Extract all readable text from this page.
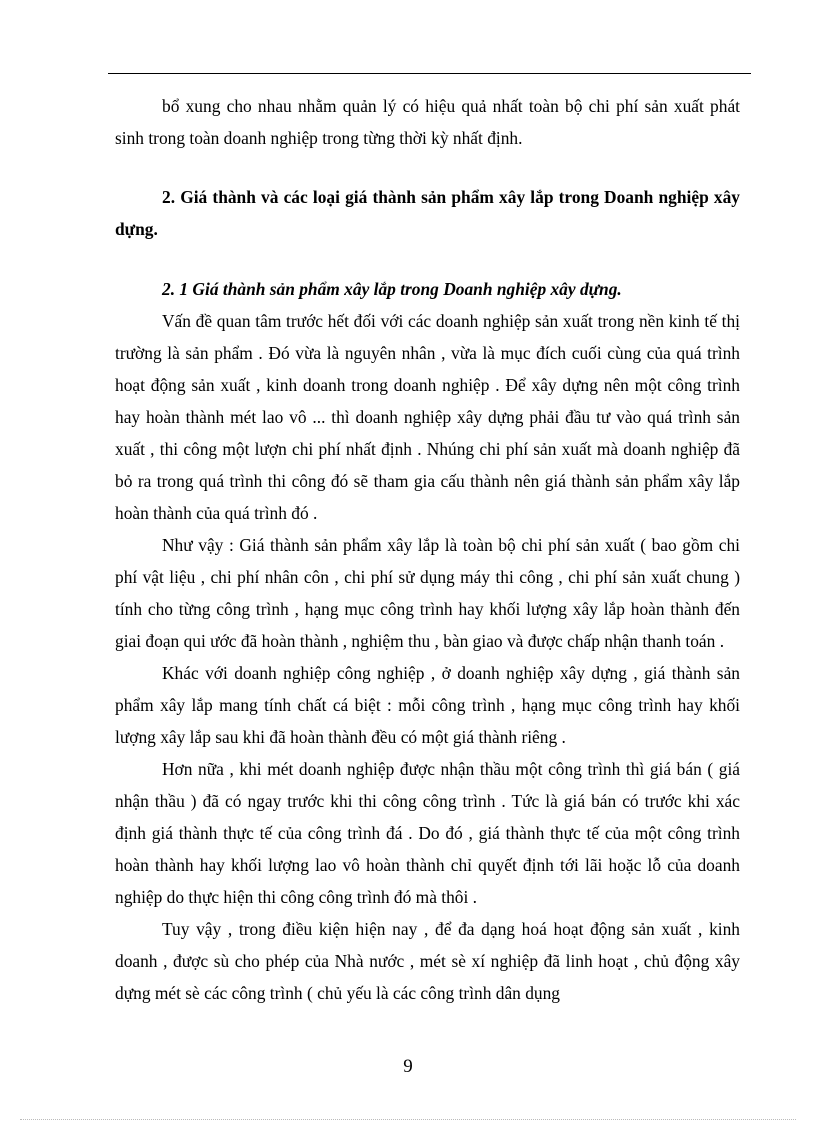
bổ xung cho nhau nhằm quản lý có hiệu quả nhất toàn bộ chi phí sản xuất phát sinh trong toàn doanh nghiệp trong từng thời kỳ nhất định.

2. Giá thành và các loại giá thành sản phẩm xây lắp trong Doanh nghiệp xây dựng.

2. 1 Giá thành sản phẩm xây lắp trong Doanh nghiệp xây dựng.

Vấn đề quan tâm trước hết đối với các doanh nghiệp sản xuất trong nền kinh tế thị trường là sản phẩm . Đó vừa là nguyên nhân , vừa là mục đích cuối cùng của quá trình hoạt động sản xuất , kinh doanh trong doanh nghiệp . Để xây dựng nên một công trình hay hoàn thành mét lao vô ... thì doanh nghiệp xây dựng phải đầu tư vào quá trình sản xuất , thi công một lượn chi phí nhất định . Nhúng chi phí sản xuất mà doanh nghiệp đã bỏ ra trong quá trình thi công đó sẽ tham gia cấu thành nên giá thành sản phẩm xây lắp hoàn thành của quá trình đó .

Như vậy : Giá thành sản phẩm xây lắp là toàn bộ chi phí sản xuất ( bao gồm chi phí vật liệu , chi phí nhân côn , chi phí sử dụng máy thi công , chi phí sản xuất chung ) tính cho từng công trình , hạng mục công trình hay khối lượng xây lắp hoàn thành đến giai đoạn qui ước đã hoàn thành , nghiệm thu , bàn giao và được chấp nhận thanh toán .

Khác với doanh nghiệp công nghiệp , ở doanh nghiệp xây dựng , giá thành sản phẩm xây lắp mang tính chất cá biệt : mỗi công trình , hạng mục công trình hay khối lượng xây lắp sau khi đã hoàn thành đều có một giá thành riêng .

Hơn nữa , khi mét doanh nghiệp được nhận thầu một công trình thì giá bán ( giá nhận thầu ) đã có ngay trước khi thi công công trình . Tức là giá bán có trước khi xác định giá thành thực tế của công trình đá . Do đó , giá thành thực tế của một công trình hoàn thành hay khối lượng lao vô hoàn thành chỉ quyết định tới lãi hoặc lỗ của doanh nghiệp do thực hiện thi công công trình đó mà thôi .

Tuy vậy , trong điều kiện hiện nay , để đa dạng hoá hoạt động sản xuất , kinh doanh , được sù cho phép của Nhà nước , mét sè xí nghiệp đã linh hoạt , chủ động xây dựng mét sè các công trình ( chủ yếu là các công trình dân dụng

9
